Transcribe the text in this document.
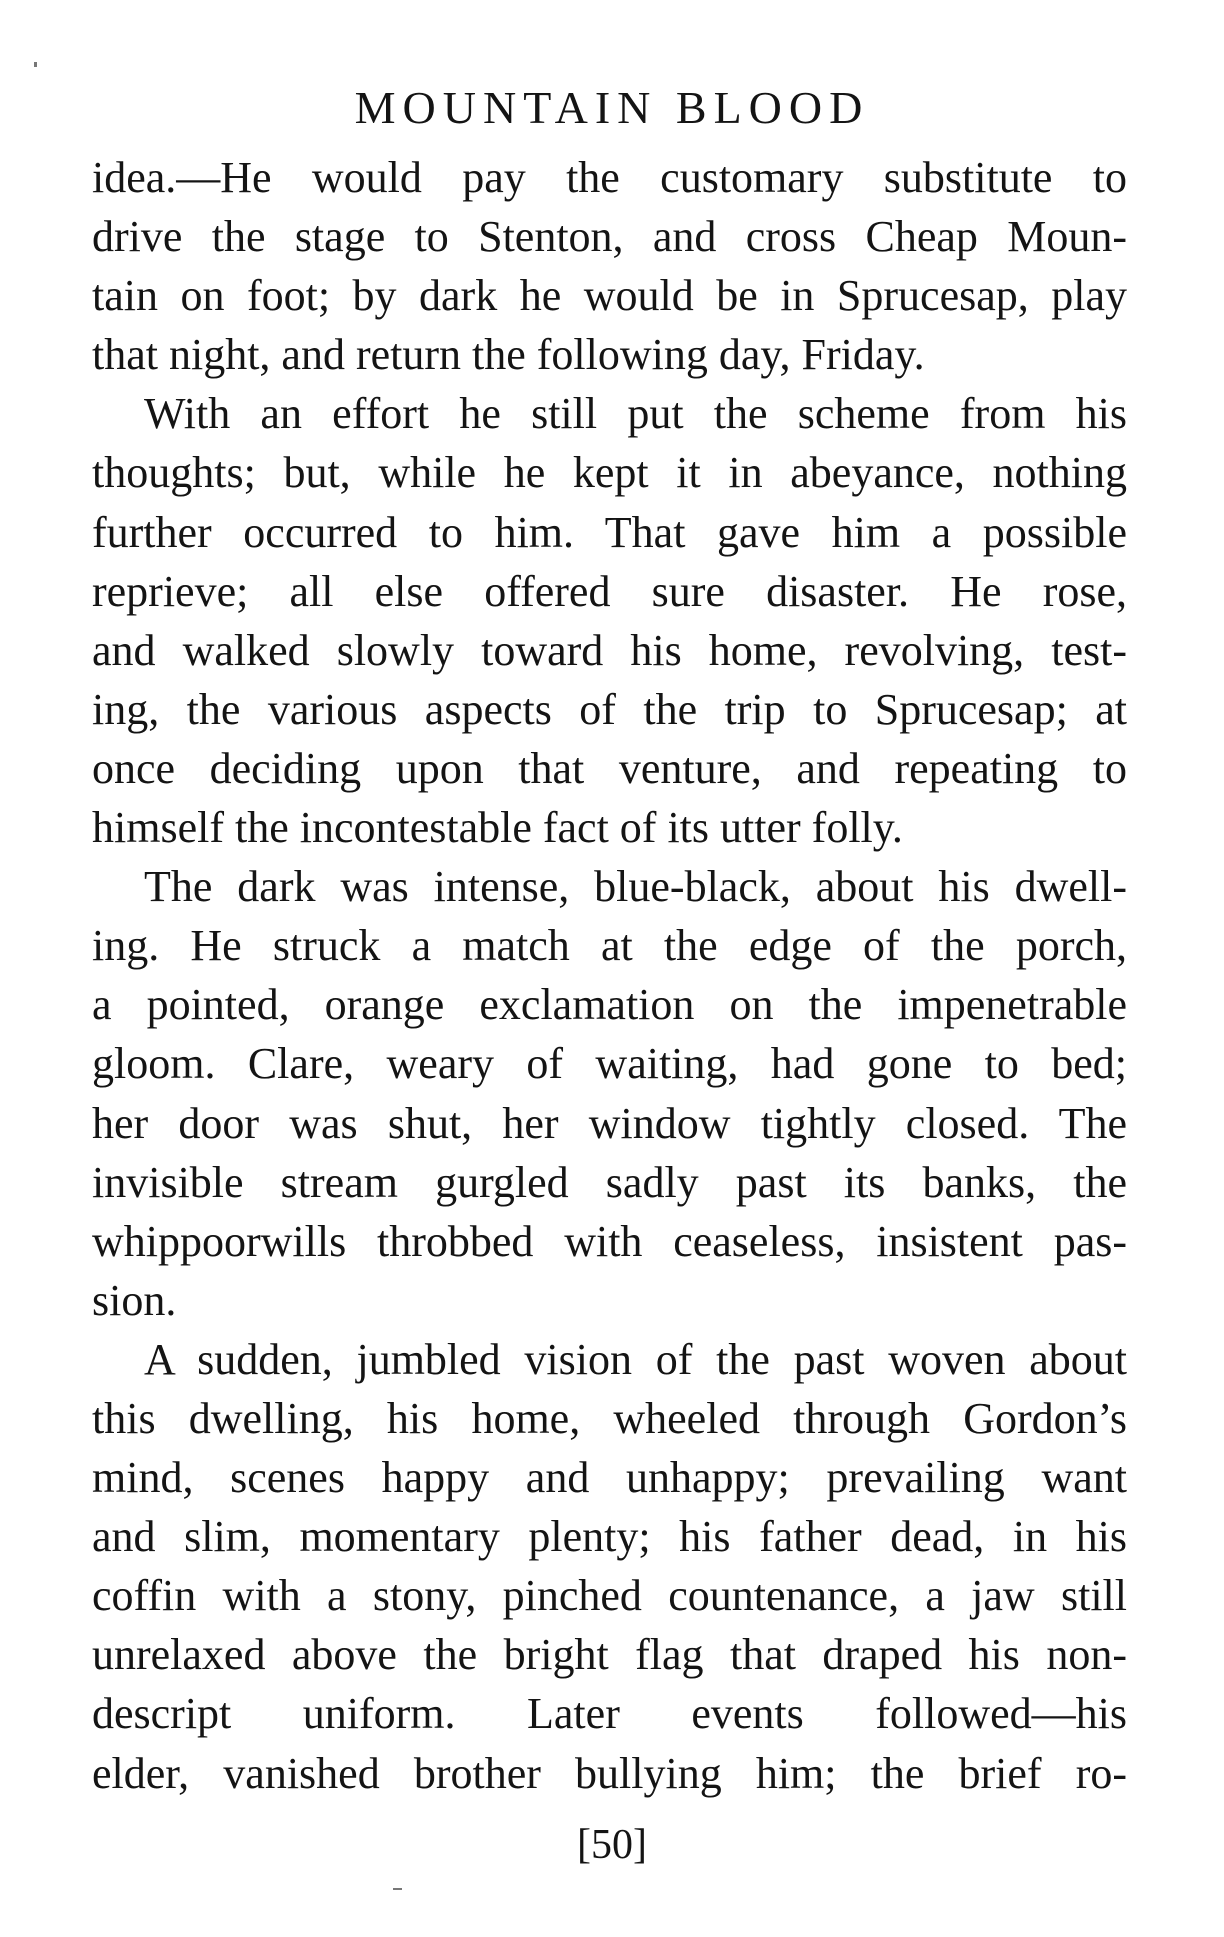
MOUNTAIN BLOOD
idea.—He would pay the customary substitute to
drive the stage to Stenton, and cross Cheap Moun-
tain on foot; by dark he would be in Sprucesap, play
that night, and return the following day, Friday.
With an effort he still put the scheme from his
thoughts; but, while he kept it in abeyance, nothing
further occurred to him. That gave him a possible
reprieve; all else offered sure disaster. He rose,
and walked slowly toward his home, revolving, test-
ing, the various aspects of the trip to Sprucesap; at
once deciding upon that venture, and repeating to
himself the incontestable fact of its utter folly.
The dark was intense, blue-black, about his dwell-
ing. He struck a match at the edge of the porch,
a pointed, orange exclamation on the impenetrable
gloom. Clare, weary of waiting, had gone to bed;
her door was shut, her window tightly closed. The
invisible stream gurgled sadly past its banks, the
whippoorwills throbbed with ceaseless, insistent pas-
sion.
A sudden, jumbled vision of the past woven about
this dwelling, his home, wheeled through Gordon’s
mind, scenes happy and unhappy; prevailing want
and slim, momentary plenty; his father dead, in his
coffin with a stony, pinched countenance, a jaw still
unrelaxed above the bright flag that draped his non-
descript uniform. Later events followed—his
elder, vanished brother bullying him; the brief ro-
[50]
